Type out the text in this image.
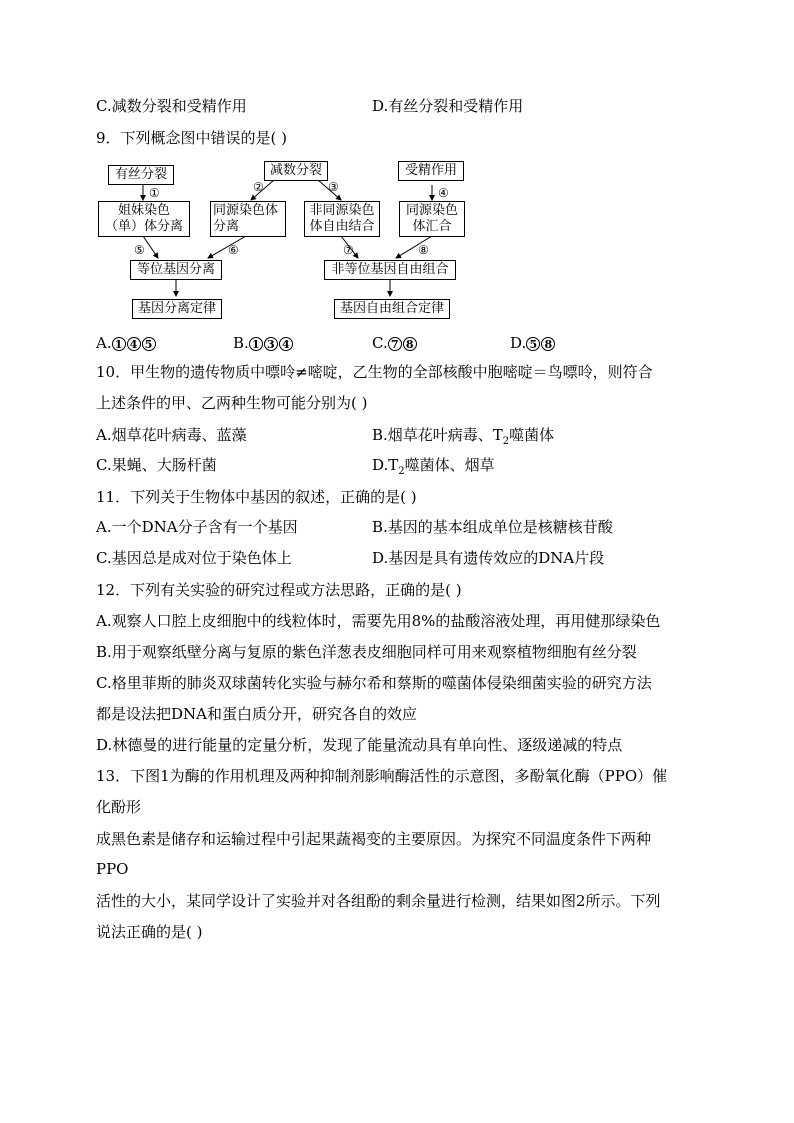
C.减数分裂和受精作用	D.有丝分裂和受精作用
9．下列概念图中错误的是( )
有丝分裂	减数分裂	受精作用
姐妹染色
（单）体分离
同源染色体
分离
非同源染色
体自由结合
同源染色
体汇合
等位基因分离	非等位基因自由组合
基因分离定律	基因自由组合定律
①	②	③	④
⑤	⑥	⑦	⑧
A. 1 4 5	B. 1 3 4	C. 7 8	D. 5 8
10．甲生物的遗传物质中嘌呤≠嘧啶，乙生物的全部核酸中胞嘧啶＝鸟嘌呤，则符合
上述条件的甲、乙两种生物可能分别为( )
A.烟草花叶病毒、蓝藻	B.烟草花叶病毒、$T_2$噬菌体
C.果蝇、大肠杆菌	$D.T_2$噬菌体、烟草
11．下列关于生物体中基因的叙述，正确的是( )
A.一个DNA分子含有一个基因	B.基因的基本组成单位是核糖核苷酸
C.基因总是成对位于染色体上	D.基因是具有遗传效应的DNA片段
12．下列有关实验的研究过程或方法思路，正确的是( )
A.观察人口腔上皮细胞中的线粒体时，需要先用8%的盐酸溶液处理，再用健那绿染色
B.用于观察纸壁分离与复原的紫色洋葱表皮细胞同样可用来观察植物细胞有丝分裂
C.格里菲斯的肺炎双球菌转化实验与赫尔希和蔡斯的噬菌体侵染细菌实验的研究方法
都是设法把DNA和蛋白质分开，研究各自的效应
D.林德曼的进行能量的定量分析，发现了能量流动具有单向性、逐级递减的特点
13．下图1为酶的作用机理及两种抑制剂影响酶活性的示意图，多酚氧化酶（PPO）催
化酚形
成黑色素是储存和运输过程中引起果蔬褐变的主要原因。为探究不同温度条件下两种
PPO
活性的大小，某同学设计了实验并对各组酚的剩余量进行检测，结果如图2所示。下列
说法正确的是( )
